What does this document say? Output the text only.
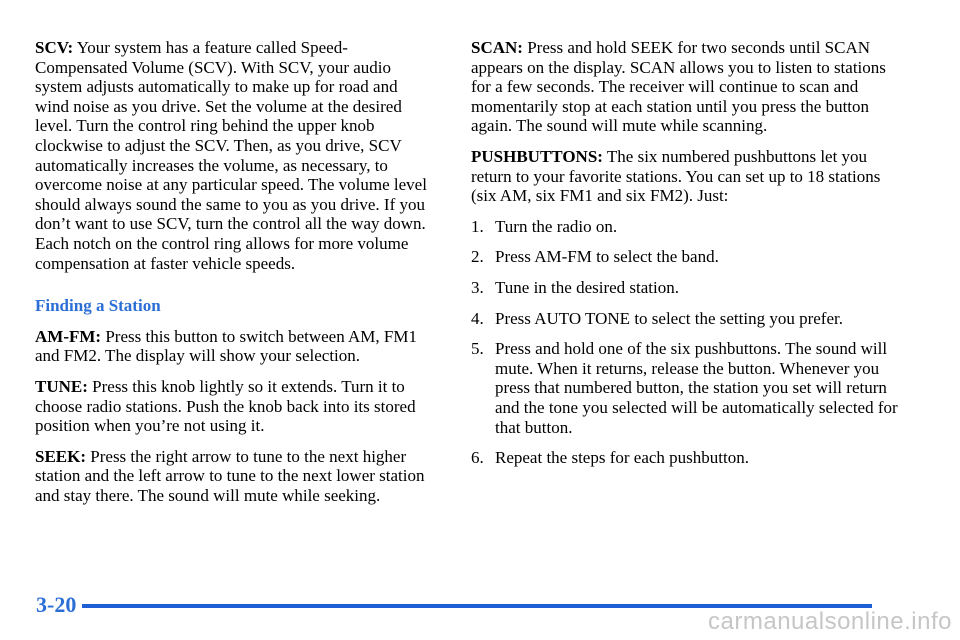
SCV: Your system has a feature called Speed-Compensated Volume (SCV). With SCV, your audio system adjusts automatically to make up for road and wind noise as you drive. Set the volume at the desired level. Turn the control ring behind the upper knob clockwise to adjust the SCV. Then, as you drive, SCV automatically increases the volume, as necessary, to overcome noise at any particular speed. The volume level should always sound the same to you as you drive. If you don’t want to use SCV, turn the control all the way down. Each notch on the control ring allows for more volume compensation at faster vehicle speeds.

Finding a Station

AM-FM: Press this button to switch between AM, FM1 and FM2. The display will show your selection.

TUNE: Press this knob lightly so it extends. Turn it to choose radio stations. Push the knob back into its stored position when you’re not using it.

SEEK: Press the right arrow to tune to the next higher station and the left arrow to tune to the next lower station and stay there. The sound will mute while seeking.

SCAN: Press and hold SEEK for two seconds until SCAN appears on the display. SCAN allows you to listen to stations for a few seconds. The receiver will continue to scan and momentarily stop at each station until you press the button again. The sound will mute while scanning.

PUSHBUTTONS: The six numbered pushbuttons let you return to your favorite stations. You can set up to 18 stations (six AM, six FM1 and six FM2). Just:

1. Turn the radio on.
2. Press AM-FM to select the band.
3. Tune in the desired station.
4. Press AUTO TONE to select the setting you prefer.
5. Press and hold one of the six pushbuttons. The sound will mute. When it returns, release the button. Whenever you press that numbered button, the station you set will return and the tone you selected will be automatically selected for that button.
6. Repeat the steps for each pushbutton.
3-20
carmanualsonline.info
